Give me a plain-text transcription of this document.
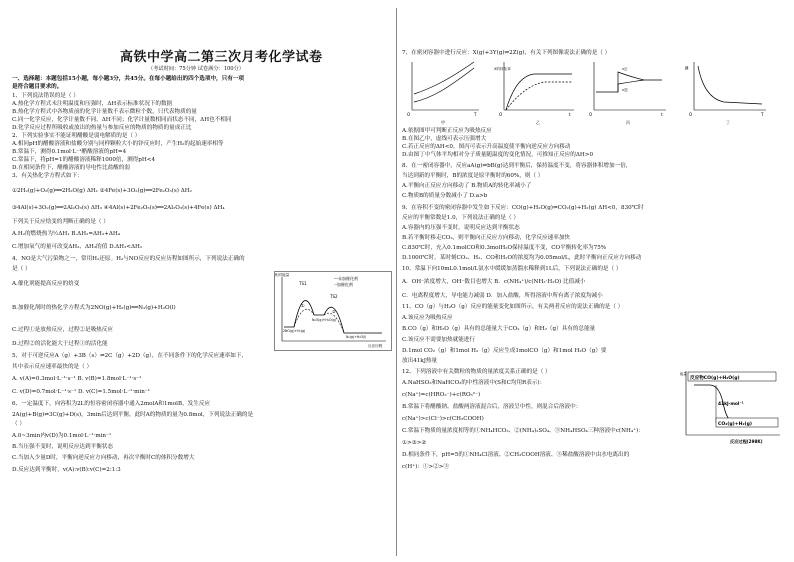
高铁中学高二第三次月考化学试卷
（考试时间：75分钟 试卷满分：100分）
一、选择题：本题包括15小题，每小题3分，共45分。在每小题给出的四个选项中，只有一项
是符合题目要求的。
1、下列说法错误的是（ ）
A.热化学方程式未注明温度和压强时，ΔH表示标准状况下的数据
B.热化学方程式中各物质前的化学计量数不表示微粒个数，只代表物质的量
C.同一化学反应，化学计量数不同，ΔH不同；化学计量数相同而状态不同，ΔH也不相同
D.化学反应过程所吸收或放出的热量与参加反应的物质的物质的量成正比
2、下列实验事实不能证明醋酸是弱电解质的是（ ）
A.相同pH的醋酸溶液和盐酸分别与同样颗粒大小的锌反应时，产生H₂的起始速率相等
B.常温下，测得0.1mol·L⁻¹醋酸溶液的pH=4
C.常温下，将pH=1的醋酸溶液稀释1000倍，测得pH<4
D.在相同条件下，醋酸溶液的导电性比盐酸的弱
3、有关热化学方程式如下：
①2H₂(g)+O₂(g)══2H₂O(g) ΔH₁ ②4Fe(s)+3O₂(g)══2Fe₂O₃(s) ΔH₂
③4Al(s)+3O₂(g)══2Al₂O₃(s) ΔH₃ ④4Al(s)+2Fe₂O₃(s)══2Al₂O₃(s)+4Fe(s) ΔH₄
下列关于反应焓变的判断正确的是（ ）
A.H₂的燃烧热为½ΔH₁ B.ΔH₂=ΔH₃+ΔH₄
C.增加氧气的量可改变ΔH₂、ΔH₃的值 D.ΔH₃<ΔH₂
4、NO是大气污染物之一，常用H₂还原。H₂与NO反应的反应历程如图所示，下列说法正确的
是（ ）
A.催化剂能提高反应的焓变
B.加催化剂时的热化学方程式为2NO(g)+H₂(g)══N₂(g)+H₂O(l)
C.过程①是放热反应，过程②是吸热反应
D.过程②的活化能大于过程①的活化能
5、对于可逆反应A（g）+3B（s）⇌2C（g）+2D（g），在不同条件下的化学反应速率如下，
其中表示反应速率最快的是（ ）
A. v(A)=0.3mol·L⁻¹·s⁻¹ B. v(B)=1.8mol·L⁻¹·s⁻¹
C. v(D)=0.7mol·L⁻¹·s⁻¹ D. v(C)=1.5mol·L⁻¹·min⁻¹
6、一定温度下，向容积为2L的恒容密闭容器中通入2molA和1molB，发生反应
2A(g)+B(g)⇌3C(g)+D(s)，3min后达到平衡，此时A的物质的量为0.8mol，下列说法正确的是
（ ）
A.0~3min内v(D)为0.1mol·L⁻¹·min⁻¹
B.当压强不变时，说明反应达到平衡状态
C.当加入少量D时，平衡向逆反应方向移动，再次平衡时C的体积分数增大
D.反应达到平衡时，v(A):v(B):v(C)=2:1:3
—未加催化剂
--加催化剂
TS1
TS2
①
②
相对能量
反应历程
2NO(g)+H₂(g)
N₂O(g)+H₂O(g)
N₂(g)+H₂O(l)
7、在密闭容器中进行反应：X(g)+3Y(g)⇌2Z(g)，有关下列图像说法正确的是（ ）
O	T
甲
X的转化率
O	t
乙
v正
v逆
O	t
丙
M̄
O	T
丁
A.依据图甲可判断正反应为吸热反应
B.在图乙中，虚线可表示压强增大
C.若正反应的ΔH<0，图丙可表示升高温度使平衡向逆反应方向移动
D.由图丁中气体平均相对分子质量随温度的变化情况，可推知正反应的ΔH>0
8、在一密闭容器中，反应aA(g)⇌bB(g)达到平衡后，保持温度不变，将容器体积增加一倍，
当达到新的平衡时，B的浓度是原平衡时的60%，则（ ）
A.平衡向正反应方向移动了 B.物质A的转化率减小了
C.物质B的质量分数减小了 D.a>b
9、在容积不变的密闭容器中发生如下反应：CO(g)+H₂O(g)⇌CO₂(g)+H₂(g) ΔH<0，830℃时
反应的平衡常数是1.0，下列说法正确的是（ ）
A.容器内的压强不变时，说明反应达到平衡状态
B.若平衡时移走CO₂，则平衡向正反应方向移动，化学反应速率加快
C.830℃时，充入0.1molCO和0.3molH₂O保持温度不变，CO平衡转化率为75%
D.1000℃时，某时刻CO₂、H₂、CO和H₂O的浓度均为0.05mol/L，此时平衡向正反应方向移动
10、常温下向10mL0.1mol/L氨水中缓缓加蒸馏水稀释到1L后，下列说法正确的是（ ）
A．OH⁻浓度增大，OH⁻数目也增大 B．c(NH₄⁺)/c(NH₃·H₂O) 比值减小
C．电离程度增大，导电能力减弱 D．加入盐酸，所得溶液中所有离子浓度均减小
11、CO（g）与H₂O（g）反应的能量变化如图所示，有关两者反应的说法正确的是（ ）
A.该反应为吸热反应
B.CO（g）和H₂O（g）具有的总能量大于CO₂（g）和H₂（g）具有的总能量
C.该反应不需要加热就能进行
D.1mol CO₂（g）和1mol H₂（g）反应生成1molCO（g）和1mol H₂O（g）要
放出41kJ热量
12、下列溶液中有关微粒的物质的量浓度关系正确的是（ ）
A.NaHSO₃和NaHCO₃的中性溶液中(S和C均用R表示)：
c(Na⁺)=c(HRO₃⁻)+c(RO₃²⁻)
B.常温下将醋酸钠、盐酸两溶液混合后，溶液呈中性，则混合后溶液中：
c(Na⁺)>c(Cl⁻)>c(CH₃COOH)
C.常温下物质的量浓度相等的①NH₄HCO₃、②(NH₄)₂SO₄、③NH₄HSO₄三种溶液中c(NH₄⁺)：
①>③>②
D.相同条件下，pH=5的①NH₄Cl溶液、②CH₃COOH溶液、③稀盐酸溶液中由水电离出的
c(H⁺)：①>②>③
能量
反应物CO(g)+H₂O(g)
41kJ·mol⁻¹
CO₂(g)+H₂(g)
反应过程(298K)
